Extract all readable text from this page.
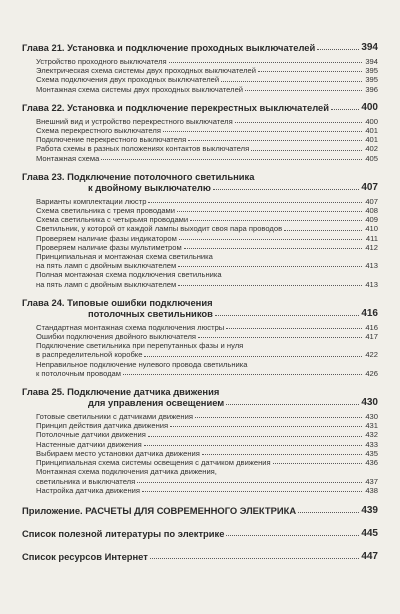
Глава 21. Установка и подключение проходных выключателей	394
Устройство проходного выключателя	394
Электрическая схема системы двух проходных выключателей	395
Схема подключения двух проходных выключателей	395
Монтажная схема системы двух проходных выключателей	396
Глава 22. Установка и подключение перекрестных выключателей	400
Внешний вид и устройство перекрестного выключателя	400
Схема перекрестного выключателя	401
Подключение перекрестного выключателя	401
Работа схемы в разных положениях контактов выключателя	402
Монтажная схема	405
Глава 23. Подключение потолочного светильника
к двойному выключателю	407
Варианты комплектации люстр	407
Схема светильника с тремя проводами	408
Схема светильника с четырьмя проводами	409
Светильник, у которой от каждой лампы выходит своя пара проводов	410
Проверяем наличие фазы индикатором	411
Проверяем наличие фазы мультиметром	412
Принципиальная и монтажная схема светильника
на пять ламп с двойным выключателем	413
Полная монтажная схема подключения светильника
на пять ламп с двойным выключателем	413
Глава 24. Типовые ошибки подключения
потолочных светильников	416
Стандартная монтажная схема подключения люстры	416
Ошибки подключения двойного выключателя	417
Подключение светильника при перепутанных фазы и нуля
в распределительной коробке	422
Неправильное подключение нулевого провода светильника
к потолочным проводам	426
Глава 25. Подключение датчика движения
для управления освещением	430
Готовые светильники с датчиками движения	430
Принцип действия датчика движения	431
Потолочные датчики движения	432
Настенные датчики движения	433
Выбираем место установки датчика движения	435
Принципиальная схема системы освещения с датчиком движения	436
Монтажная схема подключения датчика движения,
светильника и выключателя	437
Настройка датчика движения	438
Приложение. РАСЧЕТЫ ДЛЯ СОВРЕМЕННОГО ЭЛЕКТРИКА	439
Список полезной литературы по электрике	445
Список ресурсов Интернет	447
